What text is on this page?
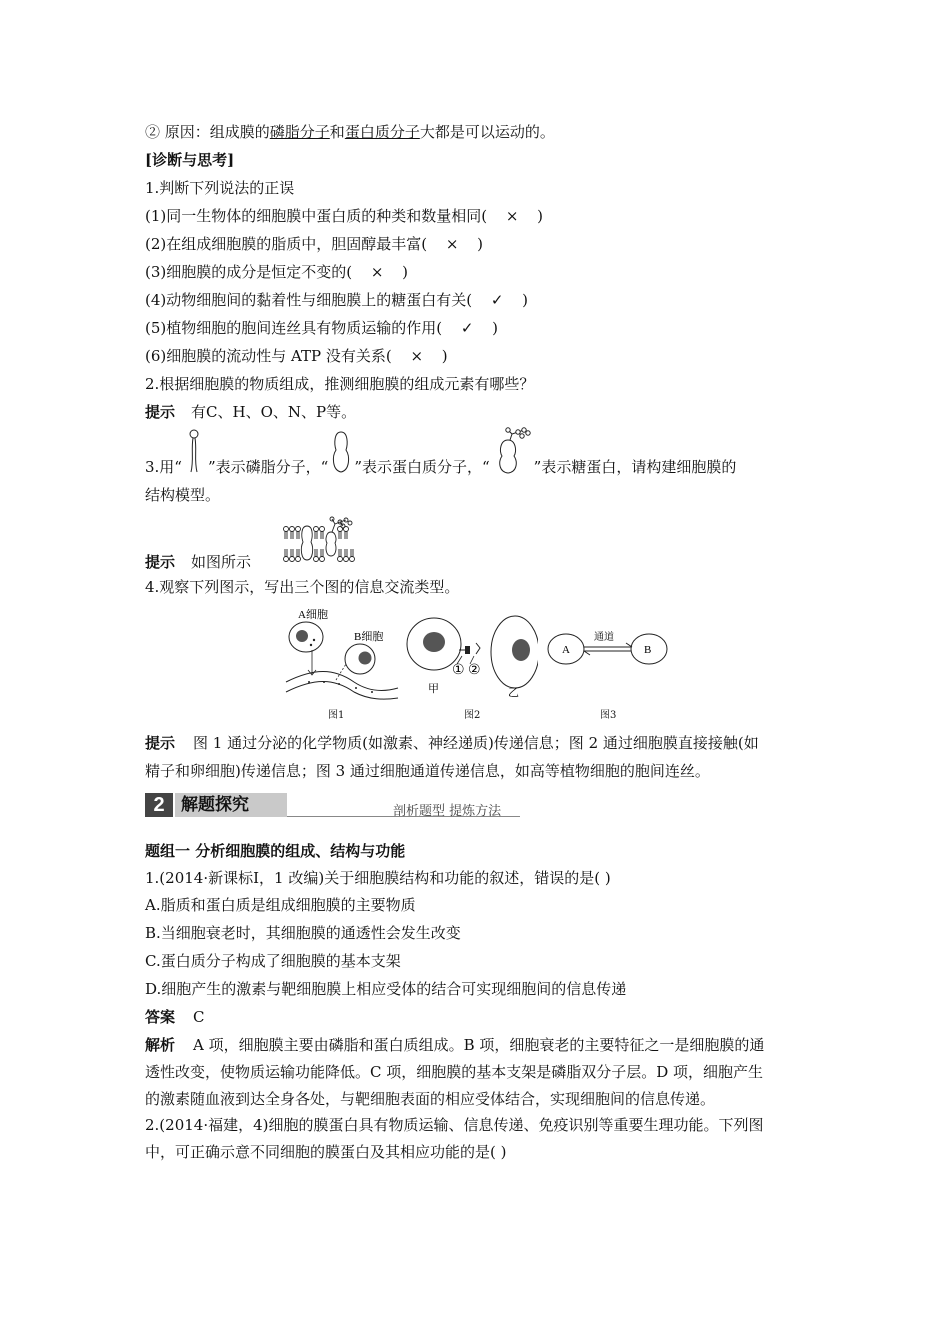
② 原因：组成膜的磷脂分子和蛋白质分子大都是可以运动的。
[诊断与思考]
1.判断下列说法的正误
(1)同一生物体的细胞膜中蛋白质的种类和数量相同( × )
(2)在组成细胞膜的脂质中，胆固醇最丰富( × )
(3)细胞膜的成分是恒定不变的( × )
(4)动物细胞间的黏着性与细胞膜上的糖蛋白有关( ✓ )
(5)植物细胞的胞间连丝具有物质运输的作用( ✓ )
(6)细胞膜的流动性与 ATP 没有关系( × )
2.根据细胞膜的物质组成，推测细胞膜的组成元素有哪些？
提示 有C、H、O、N、P等。
3.用“ ”表示磷脂分子，“ ”表示蛋白质分子，“	”表示糖蛋白，请构建细胞膜的
结构模型。
提示 如图所示
4.观察下列图示，写出三个图的信息交流类型。
A细胞
B细胞
① ②
甲	乙
A	B
通道
图1	图2	图3
提示 图 1 通过分泌的化学物质(如激素、神经递质)传递信息；图 2 通过细胞膜直接接触(如
精子和卵细胞)传递信息；图 3 通过细胞通道传递信息，如高等植物细胞的胞间连丝。
2 解题探究	剖析题型 提炼方法
题组一 分析细胞膜的组成、结构与功能
1.(2014·新课标Ⅰ，1 改编)关于细胞膜结构和功能的叙述，错误的是( )
A.脂质和蛋白质是组成细胞膜的主要物质
B.当细胞衰老时，其细胞膜的通透性会发生改变
C.蛋白质分子构成了细胞膜的基本支架
D.细胞产生的激素与靶细胞膜上相应受体的结合可实现细胞间的信息传递
答案 C
解析 A 项，细胞膜主要由磷脂和蛋白质组成。B 项，细胞衰老的主要特征之一是细胞膜的通
透性改变，使物质运输功能降低。C 项，细胞膜的基本支架是磷脂双分子层。D 项，细胞产生
的激素随血液到达全身各处，与靶细胞表面的相应受体结合，实现细胞间的信息传递。
2.(2014·福建，4)细胞的膜蛋白具有物质运输、信息传递、免疫识别等重要生理功能。下列图
中，可正确示意不同细胞的膜蛋白及其相应功能的是( )
